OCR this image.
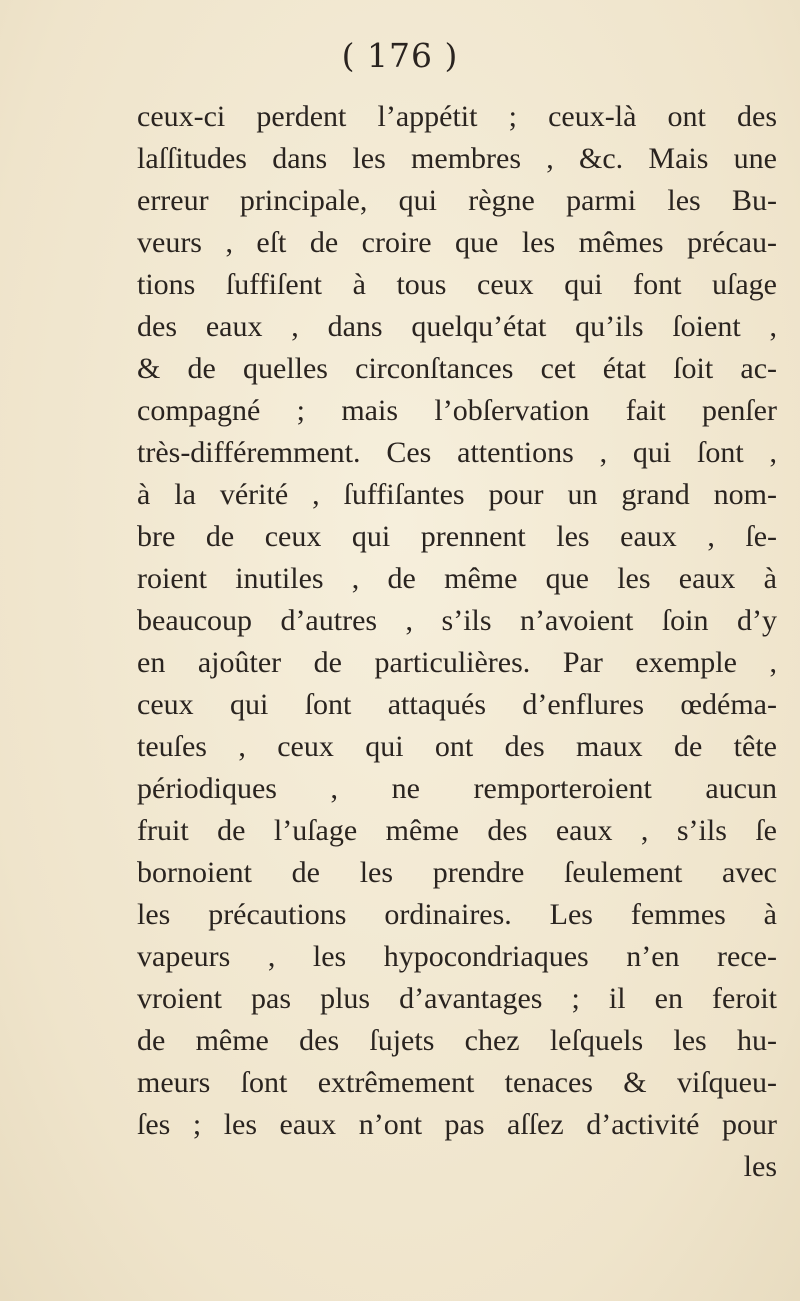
( 176 )
ceux-ci perdent l’appétit ; ceux-là ont des
laſſitudes dans les membres , &c. Mais une
erreur principale, qui règne parmi les Bu-
veurs , eſt de croire que les mêmes précau-
tions ſuffiſent à tous ceux qui font uſage
des eaux , dans quelqu’état qu’ils ſoient ,
& de quelles circonſtances cet état ſoit ac-
compagné ; mais l’obſervation fait penſer
très-différemment. Ces attentions , qui ſont ,
à la vérité , ſuffiſantes pour un grand nom-
bre de ceux qui prennent les eaux , ſe-
roient inutiles , de même que les eaux à
beaucoup d’autres , s’ils n’avoient ſoin d’y
en ajoûter de particulières. Par exemple ,
ceux qui ſont attaqués d’enflures œdéma-
teuſes , ceux qui ont des maux de tête
périodiques , ne remporteroient aucun
fruit de l’uſage même des eaux , s’ils ſe
bornoient de les prendre ſeulement avec
les précautions ordinaires. Les femmes à
vapeurs , les hypocondriaques n’en rece-
vroient pas plus d’avantages ; il en feroit
de même des ſujets chez leſquels les hu-
meurs ſont extrêmement tenaces & viſqueu-
ſes ; les eaux n’ont pas aſſez d’activité pour
les
